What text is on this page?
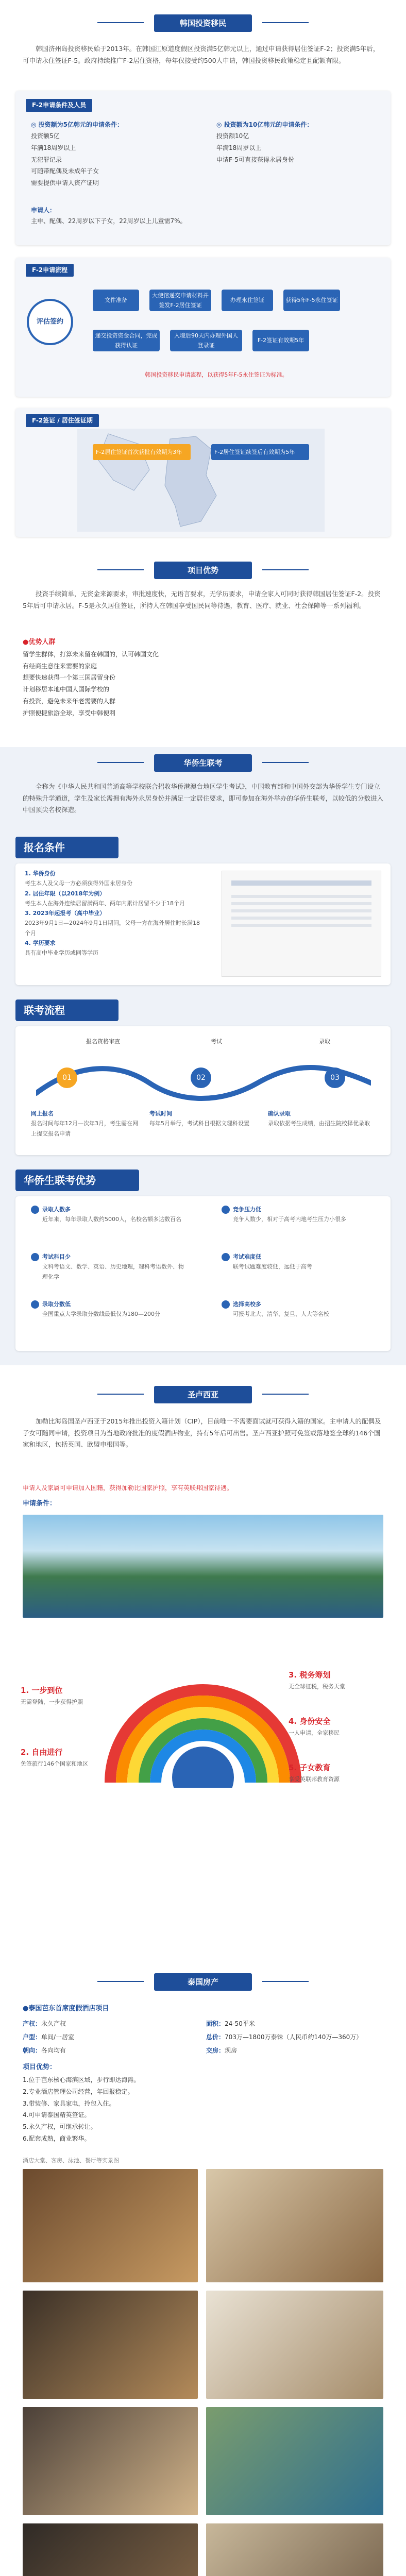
韩国投资移民
韩国济州岛投资移民始于2013年。在韩国江原道度假区投资满5亿韩元以上，通过申请获得居住签证F-2；投资满5年后，可申请永住签证F-5。政府持续推广F-2居住资格，每年仅接受约500人申请，韩国投资移民政策稳定且配额有限。
F-2申请条件及人员
◎ 投资额为5亿韩元的申请条件：
投资额5亿
年满18周岁以上
无犯罪记录
可随带配偶及未成年子女
需要提供申请人资产证明
◎ 投资额为10亿韩元的申请条件：
投资额10亿
年满18周岁以上
申请F-5可直接获得永居身份
申请人：
主申、配偶、22周岁以下子女，22周岁以上儿童需7%。
F-2申请流程
评估签约
文件准备
大使馆递交申请材料并签发F-2居住签证
办理永住签证	获得5年F-5永住签证
递交投资资金合同，完成获得认证
入境后90天内办理外国人登录证
F-2签证有效期5年
韩国投资移民申请流程，以获得5年F-5永住签证为标准。
F-2签证 / 居住签证期
F-2居住签证首次获批有效期为3年	F-2居住签证续签后有效期为5年
项目优势
投资手续简单，无资金来源要求，审批速度快，无语言要求，无学历要求，申请全家人可同时获得韩国居住签证F-2。投资5年后可申请永居。F-5是永久居住签证，所持人在韩国享受国民同等待遇，教育、医疗、就业、社会保障等一系列福利。
●优势人群
留学生群体，打算未来留在韩国的，认可韩国文化
有经商生意往来需要的家庭
想要快速获得一个第三国居留身份
计划移居本地中国人国际学校的
有投资，避免未来年老需要的人群
护照便捷旅游全球，享受中韩便利
华侨生联考
全称为《中华人民共和国普通高等学校联合招收华侨港澳台地区学生考试》，中国教育部和中国外交部为华侨学生专门设立的特殊升学通道，学生及家长需拥有海外永居身份并满足一定居住要求，即可参加在海外举办的华侨生联考，以较低的分数进入中国顶尖名校深造。
报名条件
1. 华侨身份
考生本人及父母一方必须获得外国永居身份
2. 居住年限（以2018年为例）
考生本人在海外连续居留满两年、两年内累计居留不少于18个月
3. 2023年起报考（高中毕业）
2023年9月1日—2024年9月1日期间，父母一方在海外居住时长满18个月
4. 学历要求
具有高中毕业学历或同等学历
联考流程
报名资格审查	考试	录取
01	02	03
网上报名
报名时间每年12月—次年3月，考生需在网上提交报名申请
考试时间
每年5月举行，考试科目根据文理科设置
确认录取
录取依据考生成绩，由招生院校择优录取
华侨生联考优势
录取人数多
近年来，每年录取人数约5000人，名校名额多达数百名
竞争压力低
竞争人数少，相对于高考内地考生压力小很多
考试科目少
文科考语文、数学、英语、历史地理，理科考语数外、物理化学
考试难度低
联考试题难度较低，远低于高考
录取分数低
全国重点大学录取分数线最低仅为180—200分
选择高校多
可报考北大、清华、复旦、人大等名校
圣卢西亚
加勒比海岛国圣卢西亚于2015年推出投资入籍计划（CIP），目前唯一不需要面试就可获得入籍的国家。主申请人的配偶及子女可随同申请，投资项目为当地政府批准的度假酒店物业，持有5年后可出售。圣卢西亚护照可免签或落地签全球约146个国家和地区，包括英国、欧盟申根国等。
申请人及家属可申请加入国籍，获得加勒比国家护照，享有英联邦国家待遇。
申请条件：
1. 一步到位
无需登陆，一步获得护照
2. 自由进行
免签旅行146个国家和地区
3. 税务筹划
无全球征税，税务天堂
4. 身份安全
一人申请，全家移民
5. 子女教育
享受英联邦教育资源
泰国房产
●泰国芭东首席度假酒店项目
产权：永久产权	面积：24-50平米
户型：单间/一居室	总价：703万—1800万泰铢（人民币约140万—360万）
朝向：各向均有	交房：现房
项目优势：
1.位于芭东核心海滨区域，步行即达海滩。
2.专业酒店管理公司经营，年回报稳定。
3.带装修、家具家电，拎包入住。
4.可申请泰国精英签证。
5.永久产权，可继承转让。
6.配套成熟，商业繁华。
酒店大堂、客房、泳池、餐厅等实景图
